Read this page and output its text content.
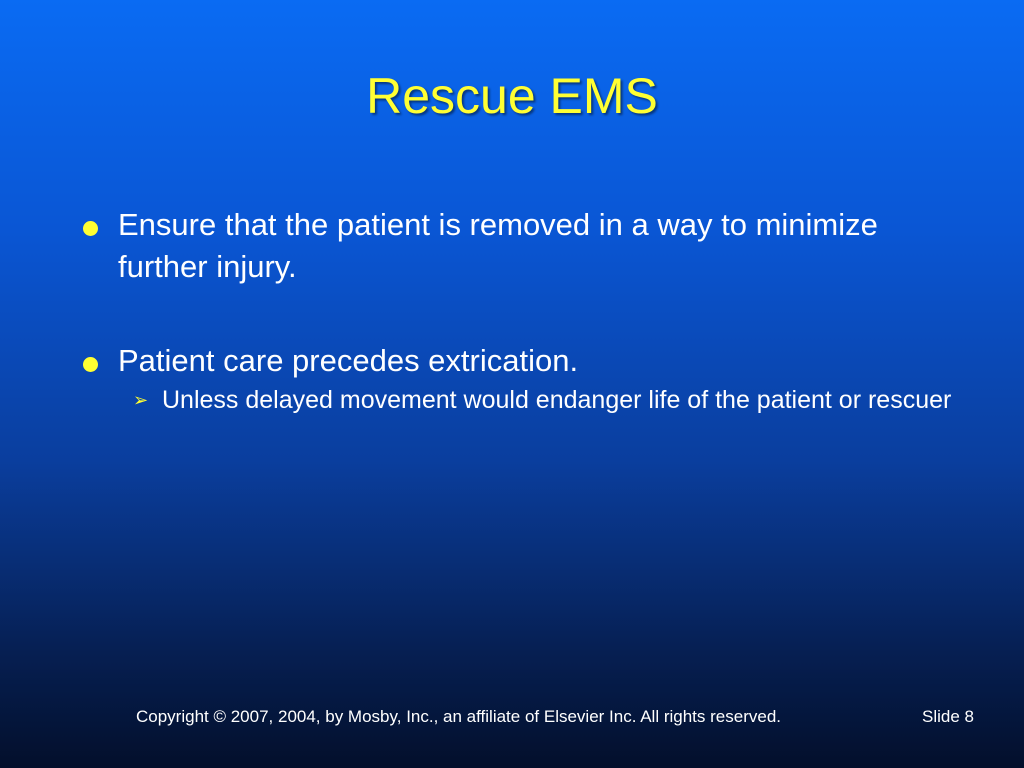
Rescue EMS
Ensure that the patient is removed in a way to minimize further injury.
Patient care precedes extrication.
➢ Unless delayed movement would endanger life of the patient or rescuer
Copyright © 2007, 2004, by Mosby, Inc., an affiliate of Elsevier Inc. All rights reserved.	Slide 8
